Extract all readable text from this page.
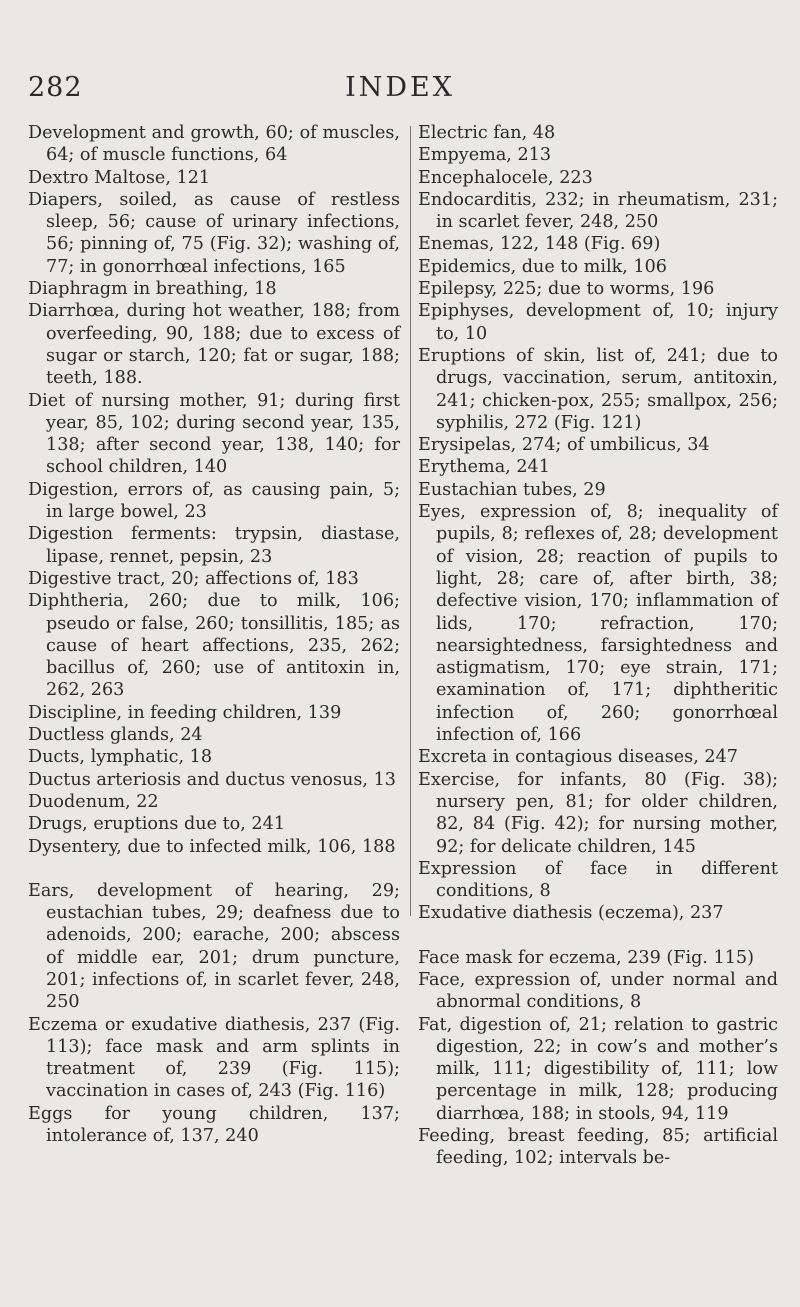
282	INDEX

Development and growth, 60; of muscles, 64; of muscle functions, 64

Dextro Maltose, 121

Diapers, soiled, as cause of restless sleep, 56; cause of urinary infections, 56; pinning of, 75 (Fig. 32); washing of, 77; in gonorrhœal infections, 165

Diaphragm in breathing, 18

Diarrhœa, during hot weather, 188; from overfeeding, 90, 188; due to excess of sugar or starch, 120; fat or sugar, 188; teeth, 188.

Diet of nursing mother, 91; during first year, 85, 102; during second year, 135, 138; after second year, 138, 140; for school children, 140

Digestion, errors of, as causing pain, 5; in large bowel, 23

Digestion ferments: trypsin, diastase, lipase, rennet, pepsin, 23

Digestive tract, 20; affections of, 183

Diphtheria, 260; due to milk, 106; pseudo or false, 260; tonsillitis, 185; as cause of heart affections, 235, 262; bacillus of, 260; use of antitoxin in, 262, 263

Discipline, in feeding children, 139

Ductless glands, 24

Ducts, lymphatic, 18

Ductus arteriosis and ductus venosus, 13

Duodenum, 22

Drugs, eruptions due to, 241

Dysentery, due to infected milk, 106, 188

Ears, development of hearing, 29; eustachian tubes, 29; deafness due to adenoids, 200; earache, 200; abscess of middle ear, 201; drum puncture, 201; infections of, in scarlet fever, 248, 250

Eczema or exudative diathesis, 237 (Fig. 113); face mask and arm splints in treatment of, 239 (Fig. 115); vaccination in cases of, 243 (Fig. 116)

Eggs for young children, 137; intolerance of, 137, 240

Electric fan, 48

Empyema, 213

Encephalocele, 223

Endocarditis, 232; in rheumatism, 231; in scarlet fever, 248, 250

Enemas, 122, 148 (Fig. 69)

Epidemics, due to milk, 106

Epilepsy, 225; due to worms, 196

Epiphyses, development of, 10; injury to, 10

Eruptions of skin, list of, 241; due to drugs, vaccination, serum, antitoxin, 241; chicken-pox, 255; smallpox, 256; syphilis, 272 (Fig. 121)

Erysipelas, 274; of umbilicus, 34

Erythema, 241

Eustachian tubes, 29

Eyes, expression of, 8; inequality of pupils, 8; reflexes of, 28; development of vision, 28; reaction of pupils to light, 28; care of, after birth, 38; defective vision, 170; inflammation of lids, 170; refraction, 170; nearsightedness, farsightedness and astigmatism, 170; eye strain, 171; examination of, 171; diphtheritic infection of, 260; gonorrhœal infection of, 166

Excreta in contagious diseases, 247

Exercise, for infants, 80 (Fig. 38); nursery pen, 81; for older children, 82, 84 (Fig. 42); for nursing mother, 92; for delicate children, 145

Expression of face in different conditions, 8

Exudative diathesis (eczema), 237

Face mask for eczema, 239 (Fig. 115)

Face, expression of, under normal and abnormal conditions, 8

Fat, digestion of, 21; relation to gastric digestion, 22; in cow’s and mother’s milk, 111; digestibility of, 111; low percentage in milk, 128; producing diarrhœa, 188; in stools, 94, 119

Feeding, breast feeding, 85; artificial feeding, 102; intervals be-
